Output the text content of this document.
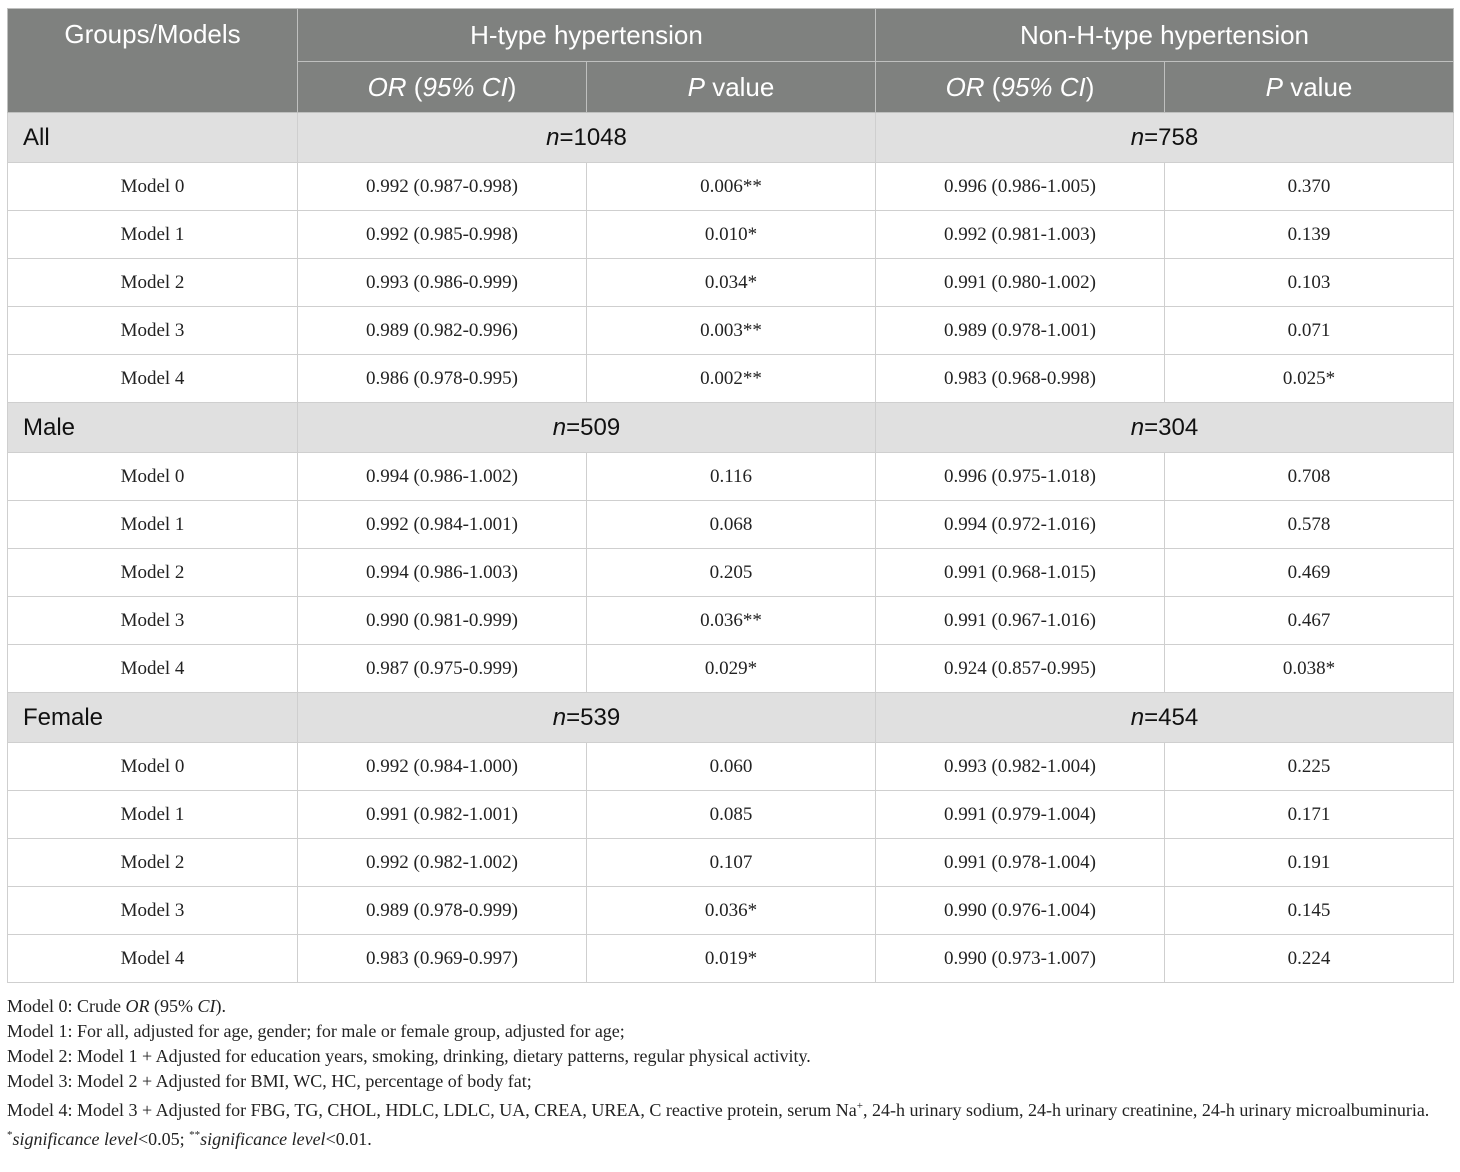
Groups/Models	H-type hypertension		Non-H-type hypertension	
	OR (95% CI)	P value	OR (95% CI)	P value
All	n=1048		n=758	
Model 0	0.992 (0.987-0.998)	0.006**	0.996 (0.986-1.005)	0.370
Model 1	0.992 (0.985-0.998)	0.010*	0.992 (0.981-1.003)	0.139
Model 2	0.993 (0.986-0.999)	0.034*	0.991 (0.980-1.002)	0.103
Model 3	0.989 (0.982-0.996)	0.003**	0.989 (0.978-1.001)	0.071
Model 4	0.986 (0.978-0.995)	0.002**	0.983 (0.968-0.998)	0.025*
Male	n=509		n=304	
Model 0	0.994 (0.986-1.002)	0.116	0.996 (0.975-1.018)	0.708
Model 1	0.992 (0.984-1.001)	0.068	0.994 (0.972-1.016)	0.578
Model 2	0.994 (0.986-1.003)	0.205	0.991 (0.968-1.015)	0.469
Model 3	0.990 (0.981-0.999)	0.036**	0.991 (0.967-1.016)	0.467
Model 4	0.987 (0.975-0.999)	0.029*	0.924 (0.857-0.995)	0.038*
Female	n=539		n=454	
Model 0	0.992 (0.984-1.000)	0.060	0.993 (0.982-1.004)	0.225
Model 1	0.991 (0.982-1.001)	0.085	0.991 (0.979-1.004)	0.171
Model 2	0.992 (0.982-1.002)	0.107	0.991 (0.978-1.004)	0.191
Model 3	0.989 (0.978-0.999)	0.036*	0.990 (0.976-1.004)	0.145
Model 4	0.983 (0.969-0.997)	0.019*	0.990 (0.973-1.007)	0.224

Model 0: Crude OR (95% CI).

Model 1: For all, adjusted for age, gender; for male or female group, adjusted for age;

Model 2: Model 1 + Adjusted for education years, smoking, drinking, dietary patterns, regular physical activity.

Model 3: Model 2 + Adjusted for BMI, WC, HC, percentage of body fat;

Model 4: Model 3 + Adjusted for FBG, TG, CHOL, HDLC, LDLC, UA, CREA, UREA, C reactive protein, serum Na+, 24-h urinary sodium, 24-h urinary creatinine, 24-h urinary microalbuminuria.

*significance level<0.05; **significance level<0.01.
